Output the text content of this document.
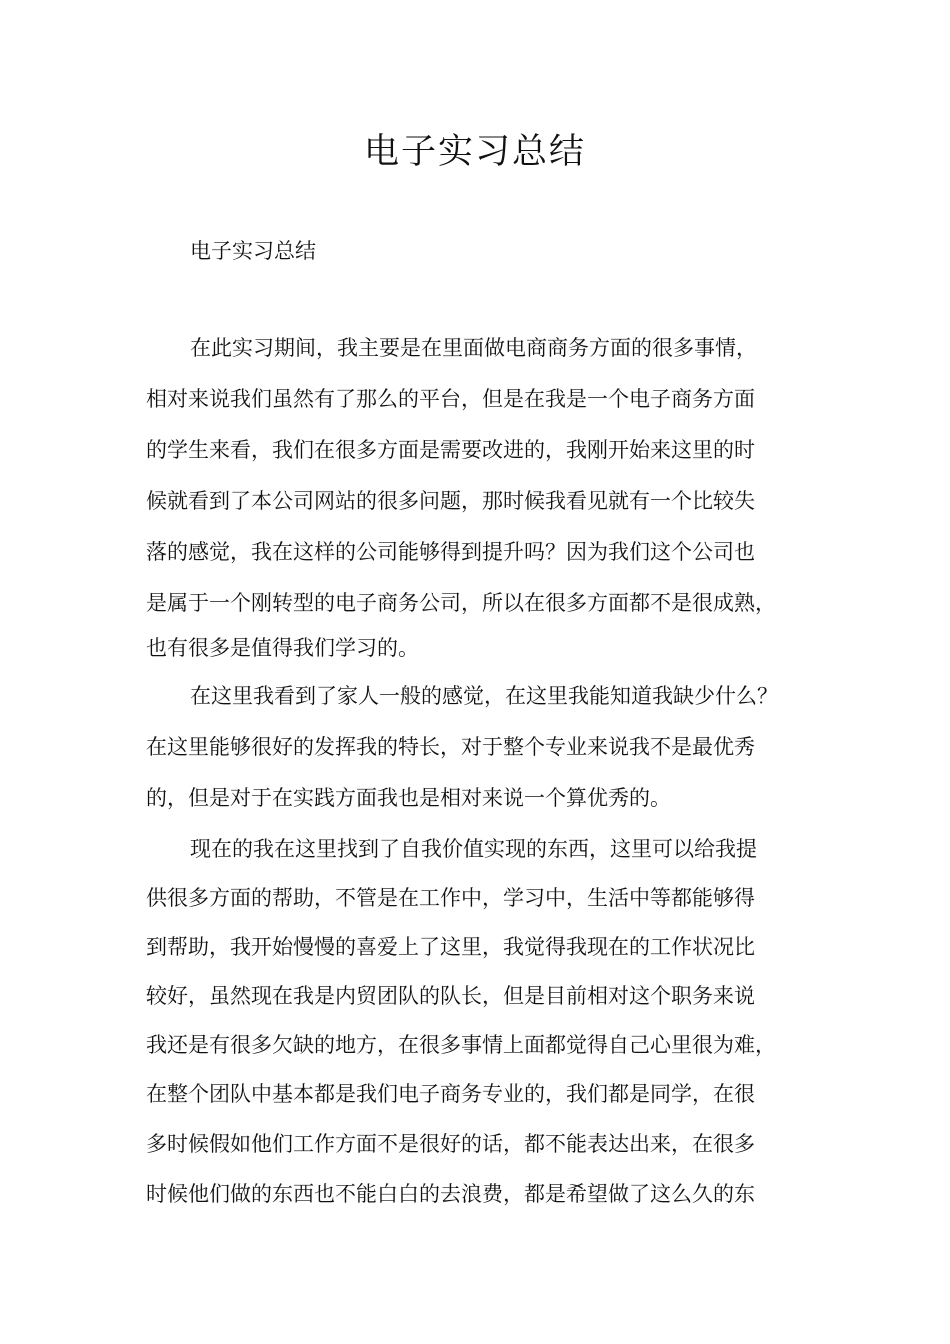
电子实习总结

电子实习总结

在此实习期间，我主要是在里面做电商商务方面的很多事情，

相对来说我们虽然有了那么的平台，但是在我是一个电子商务方面

的学生来看，我们在很多方面是需要改进的，我刚开始来这里的时

候就看到了本公司网站的很多问题，那时候我看见就有一个比较失

落的感觉，我在这样的公司能够得到提升吗？因为我们这个公司也

是属于一个刚转型的电子商务公司，所以在很多方面都不是很成熟，

也有很多是值得我们学习的。

在这里我看到了家人一般的感觉，在这里我能知道我缺少什么？

在这里能够很好的发挥我的特长，对于整个专业来说我不是最优秀

的，但是对于在实践方面我也是相对来说一个算优秀的。

现在的我在这里找到了自我价值实现的东西，这里可以给我提

供很多方面的帮助，不管是在工作中，学习中，生活中等都能够得

到帮助，我开始慢慢的喜爱上了这里，我觉得我现在的工作状况比

较好，虽然现在我是内贸团队的队长，但是目前相对这个职务来说

我还是有很多欠缺的地方，在很多事情上面都觉得自己心里很为难，

在整个团队中基本都是我们电子商务专业的，我们都是同学，在很

多时候假如他们工作方面不是很好的话，都不能表达出来，在很多

时候他们做的东西也不能白白的去浪费，都是希望做了这么久的东
